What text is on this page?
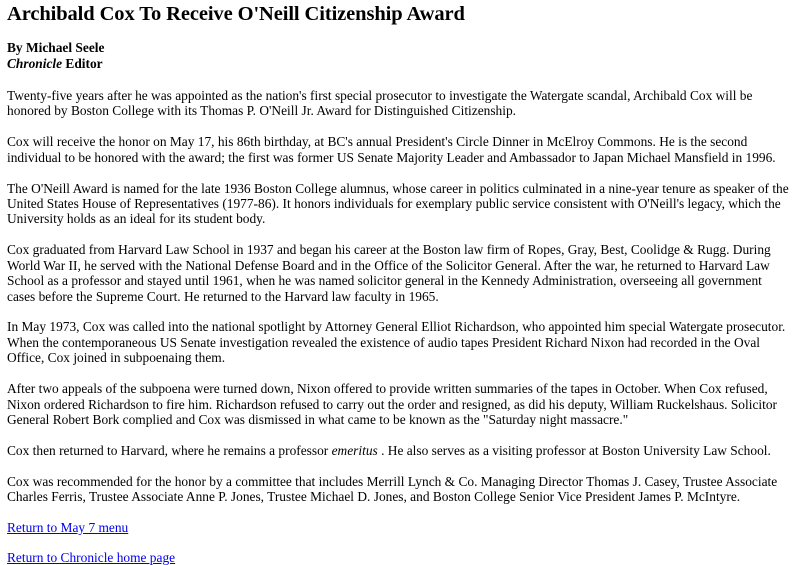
Archibald Cox To Receive O'Neill Citizenship Award

By Michael Seele
Chronicle Editor

Twenty-five years after he was appointed as the nation's first special prosecutor to investigate the Watergate scandal, Archibald Cox will be honored by Boston College with its Thomas P. O'Neill Jr. Award for Distinguished Citizenship.

Cox will receive the honor on May 17, his 86th birthday, at BC's annual President's Circle Dinner in McElroy Commons. He is the second individual to be honored with the award; the first was former US Senate Majority Leader and Ambassador to Japan Michael Mansfield in 1996.

The O'Neill Award is named for the late 1936 Boston College alumnus, whose career in politics culminated in a nine-year tenure as speaker of the United States House of Representatives (1977-86). It honors individuals for exemplary public service consistent with O'Neill's legacy, which the University holds as an ideal for its student body.

Cox graduated from Harvard Law School in 1937 and began his career at the Boston law firm of Ropes, Gray, Best, Coolidge & Rugg. During World War II, he served with the National Defense Board and in the Office of the Solicitor General. After the war, he returned to Harvard Law School as a professor and stayed until 1961, when he was named solicitor general in the Kennedy Administration, overseeing all government cases before the Supreme Court. He returned to the Harvard law faculty in 1965.

In May 1973, Cox was called into the national spotlight by Attorney General Elliot Richardson, who appointed him special Watergate prosecutor. When the contemporaneous US Senate investigation revealed the existence of audio tapes President Richard Nixon had recorded in the Oval Office, Cox joined in subpoenaing them.

After two appeals of the subpoena were turned down, Nixon offered to provide written summaries of the tapes in October. When Cox refused, Nixon ordered Richardson to fire him. Richardson refused to carry out the order and resigned, as did his deputy, William Ruckelshaus. Solicitor General Robert Bork complied and Cox was dismissed in what came to be known as the "Saturday night massacre."

Cox then returned to Harvard, where he remains a professor emeritus . He also serves as a visiting professor at Boston University Law School.

Cox was recommended for the honor by a committee that includes Merrill Lynch & Co. Managing Director Thomas J. Casey, Trustee Associate Charles Ferris, Trustee Associate Anne P. Jones, Trustee Michael D. Jones, and Boston College Senior Vice President James P. McIntyre.

Return to May 7 menu

Return to Chronicle home page
